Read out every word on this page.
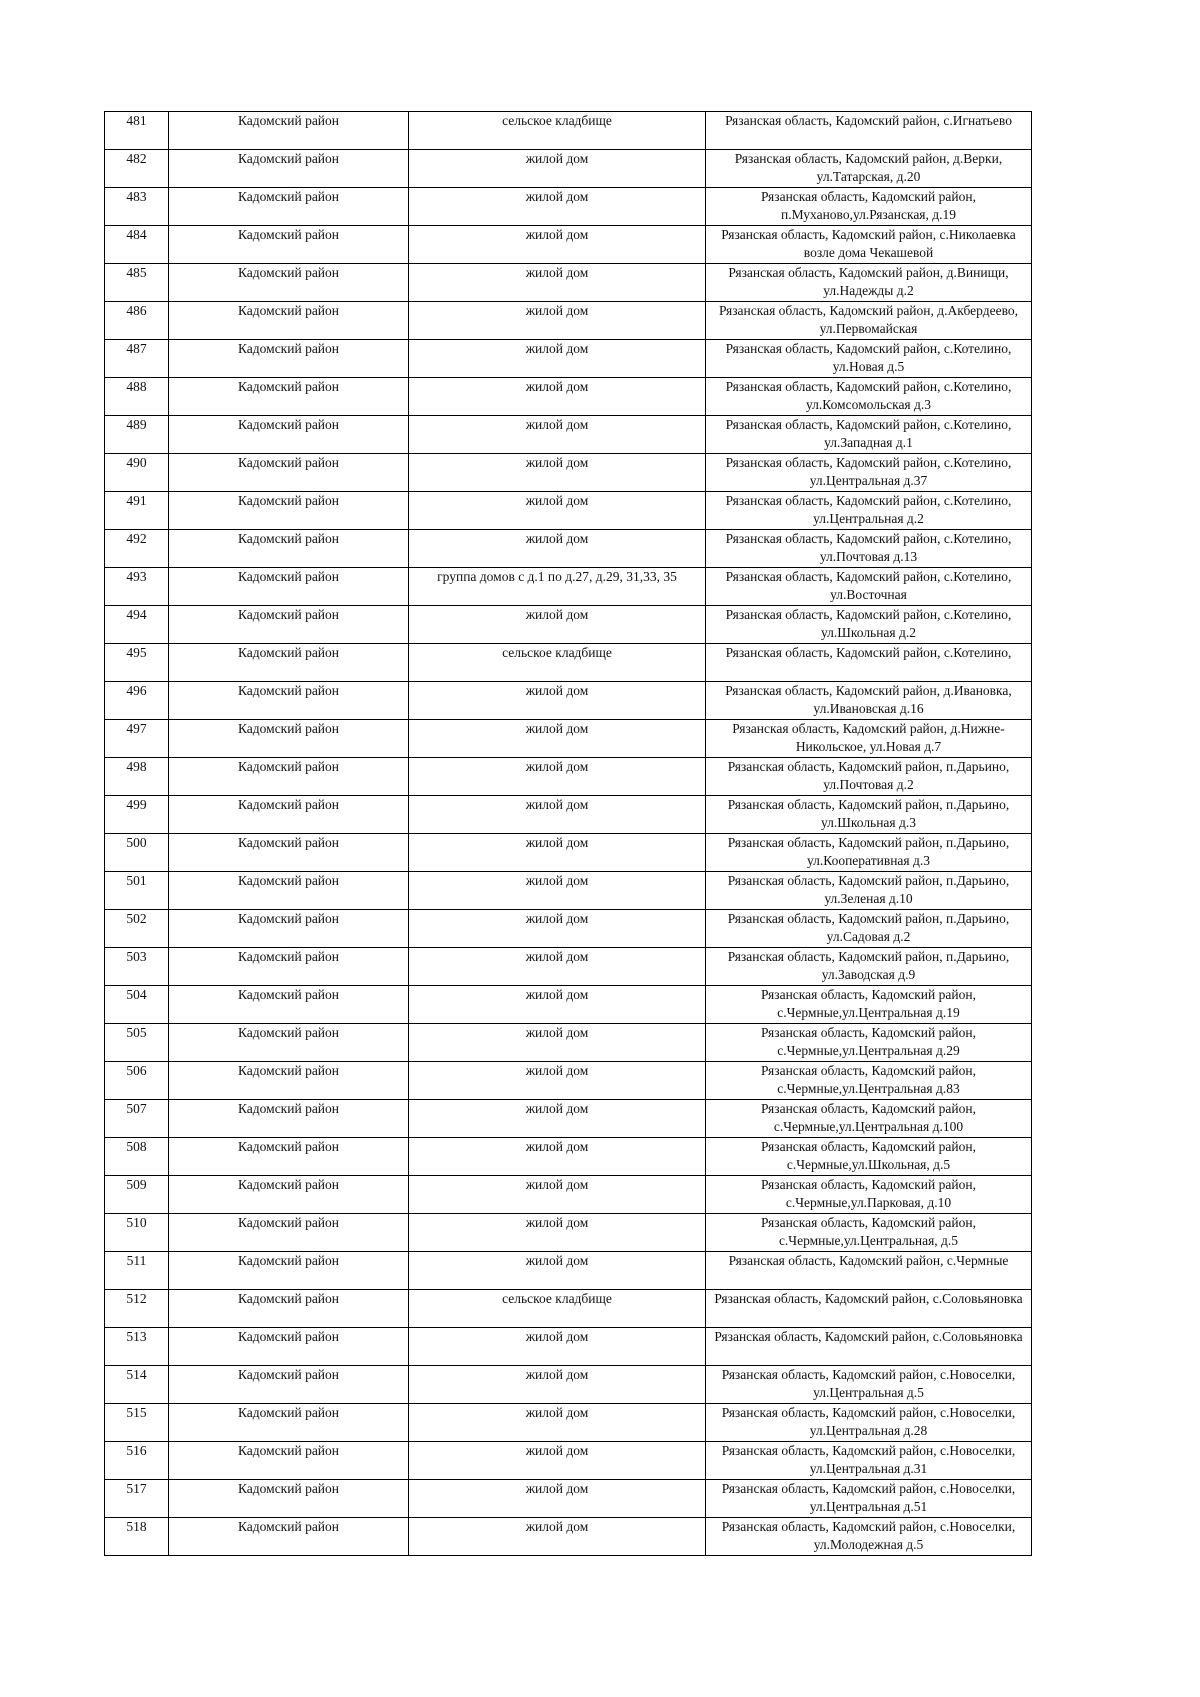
481	Кадомский район	сельское кладбище	Рязанская область, Кадомский район, с.Игнатьево
482	Кадомский район	жилой дом	Рязанская область, Кадомский район, д.Верки, ул.Татарская, д.20
483	Кадомский район	жилой дом	Рязанская область, Кадомский район, п.Муханово,ул.Рязанская, д.19
484	Кадомский район	жилой дом	Рязанская область, Кадомский район, с.Николаевка возле дома Чекашевой
485	Кадомский район	жилой дом	Рязанская область, Кадомский район, д.Винищи, ул.Надежды д.2
486	Кадомский район	жилой дом	Рязанская область, Кадомский район, д.Акбердеево, ул.Первомайская
487	Кадомский район	жилой дом	Рязанская область, Кадомский район, с.Котелино, ул.Новая д.5
488	Кадомский район	жилой дом	Рязанская область, Кадомский район, с.Котелино, ул.Комсомольская д.3
489	Кадомский район	жилой дом	Рязанская область, Кадомский район, с.Котелино, ул.Западная д.1
490	Кадомский район	жилой дом	Рязанская область, Кадомский район, с.Котелино, ул.Центральная д.37
491	Кадомский район	жилой дом	Рязанская область, Кадомский район, с.Котелино, ул.Центральная д.2
492	Кадомский район	жилой дом	Рязанская область, Кадомский район, с.Котелино, ул.Почтовая д.13
493	Кадомский район	группа домов с д.1 по д.27, д.29, 31,33, 35	Рязанская область, Кадомский район, с.Котелино, ул.Восточная
494	Кадомский район	жилой дом	Рязанская область, Кадомский район, с.Котелино, ул.Школьная д.2
495	Кадомский район	сельское кладбище	Рязанская область, Кадомский район, с.Котелино,
496	Кадомский район	жилой дом	Рязанская область, Кадомский район, д.Ивановка, ул.Ивановская д.16
497	Кадомский район	жилой дом	Рязанская область, Кадомский район, д.Нижне-Никольское, ул.Новая д.7
498	Кадомский район	жилой дом	Рязанская область, Кадомский район, п.Дарьино, ул.Почтовая д.2
499	Кадомский район	жилой дом	Рязанская область, Кадомский район, п.Дарьино, ул.Школьная д.3
500	Кадомский район	жилой дом	Рязанская область, Кадомский район, п.Дарьино, ул.Кооперативная д.3
501	Кадомский район	жилой дом	Рязанская область, Кадомский район, п.Дарьино, ул.Зеленая д.10
502	Кадомский район	жилой дом	Рязанская область, Кадомский район, п.Дарьино, ул.Садовая д.2
503	Кадомский район	жилой дом	Рязанская область, Кадомский район, п.Дарьино, ул.Заводская д.9
504	Кадомский район	жилой дом	Рязанская область, Кадомский район, с.Чермные,ул.Центральная д.19
505	Кадомский район	жилой дом	Рязанская область, Кадомский район, с.Чермные,ул.Центральная д.29
506	Кадомский район	жилой дом	Рязанская область, Кадомский район, с.Чермные,ул.Центральная д.83
507	Кадомский район	жилой дом	Рязанская область, Кадомский район, с.Чермные,ул.Центральная д.100
508	Кадомский район	жилой дом	Рязанская область, Кадомский район, с.Чермные,ул.Школьная, д.5
509	Кадомский район	жилой дом	Рязанская область, Кадомский район, с.Чермные,ул.Парковая, д.10
510	Кадомский район	жилой дом	Рязанская область, Кадомский район, с.Чермные,ул.Центральная, д.5
511	Кадомский район	жилой дом	Рязанская область, Кадомский район, с.Чермные
512	Кадомский район	сельское кладбище	Рязанская область, Кадомский район, с.Соловьяновка
513	Кадомский район	жилой дом	Рязанская область, Кадомский район, с.Соловьяновка
514	Кадомский район	жилой дом	Рязанская область, Кадомский район, с.Новоселки, ул.Центральная д.5
515	Кадомский район	жилой дом	Рязанская область, Кадомский район, с.Новоселки, ул.Центральная д.28
516	Кадомский район	жилой дом	Рязанская область, Кадомский район, с.Новоселки, ул.Центральная д.31
517	Кадомский район	жилой дом	Рязанская область, Кадомский район, с.Новоселки, ул.Центральная д.51
518	Кадомский район	жилой дом	Рязанская область, Кадомский район, с.Новоселки, ул.Молодежная д.5
